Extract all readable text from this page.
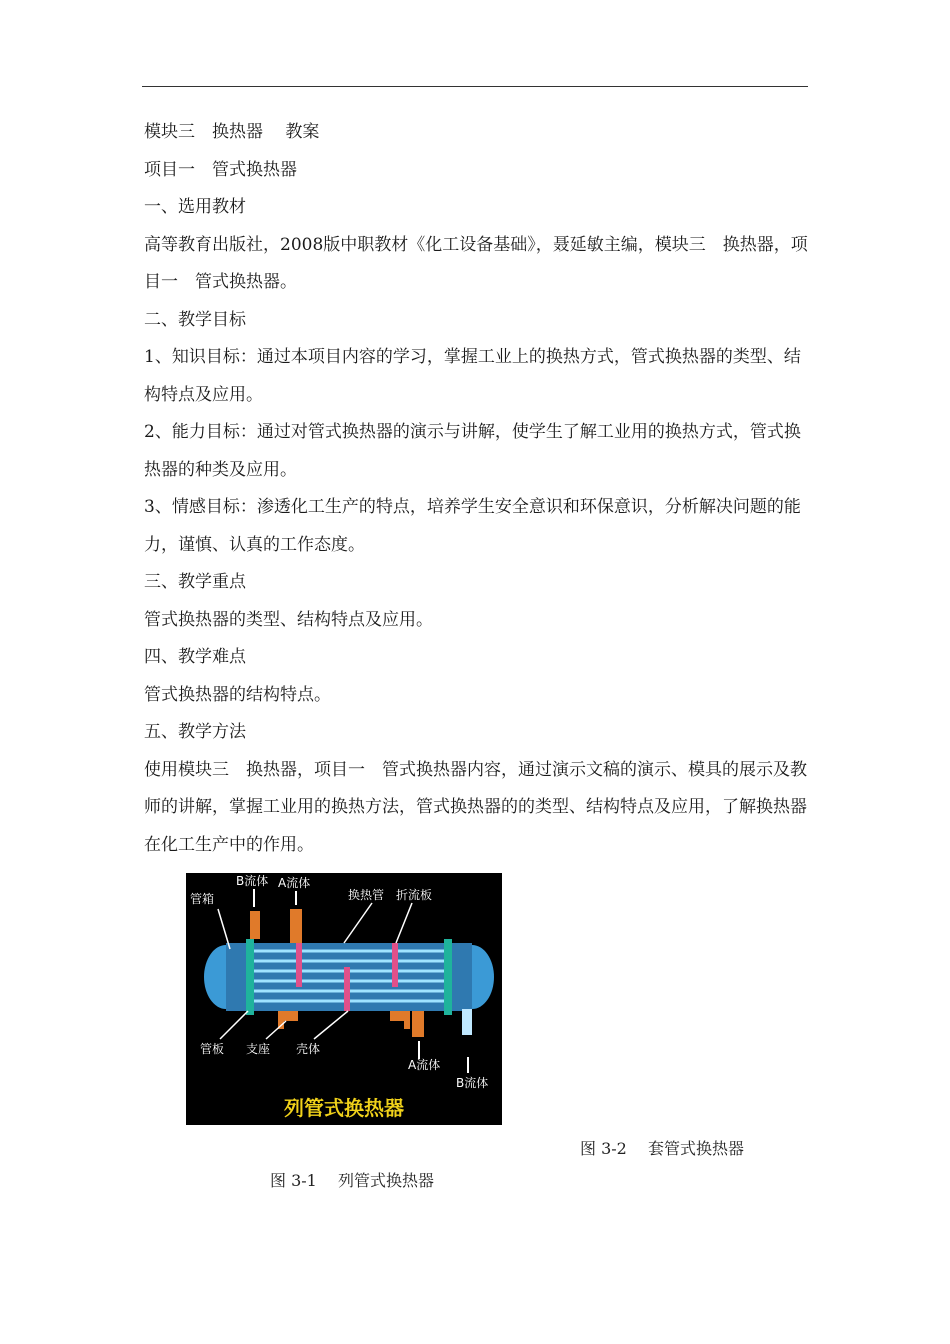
模块三　换热器　 教案

项目一　管式换热器

一、选用教材

高等教育出版社，2008版中职教材《化工设备基础》，聂延敏主编，模块三　换热器，项目一　管式换热器。

二、教学目标

1、知识目标：通过本项目内容的学习，掌握工业上的换热方式，管式换热器的类型、结构特点及应用。

2、能力目标：通过对管式换热器的演示与讲解，使学生了解工业用的换热方式，管式换热器的种类及应用。

3、情感目标：渗透化工生产的特点，培养学生安全意识和环保意识，分析解决问题的能力，谨慎、认真的工作态度。

三、教学重点

管式换热器的类型、结构特点及应用。

四、教学难点

管式换热器的结构特点。

五、教学方法

使用模块三　换热器，项目一　管式换热器内容，通过演示文稿的演示、模具的展示及教师的讲解，掌握工业用的换热方法，管式换热器的的类型、结构特点及应用，了解换热器在化工生产中的作用。

管箱
B流体 A流体
换热管 折流板
管板 支座 壳体
A流体
B流体
列管式换热器
图 3-2　 套管式换热器
图 3-1　 列管式换热器
